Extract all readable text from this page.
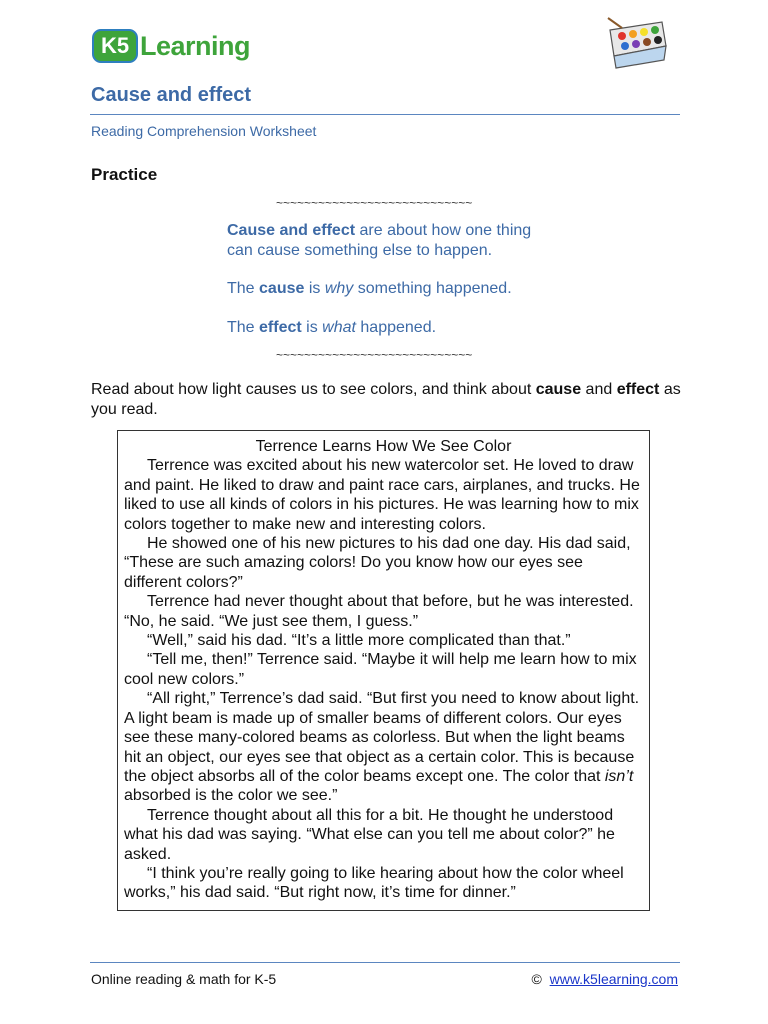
K5 Learning
Cause and effect
Reading Comprehension Worksheet
Practice
~~~~~~~~~~~~~~~~~~~~~~~~~~~~
Cause and effect are about how one thing
can cause something else to happen.
The cause is why something happened.
The effect is what happened.
~~~~~~~~~~~~~~~~~~~~~~~~~~~~
Read about how light causes us to see colors, and think about cause and effect as you read.
Terrence Learns How We See Color

Terrence was excited about his new watercolor set. He loved to draw and paint. He liked to draw and paint race cars, airplanes, and trucks. He liked to use all kinds of colors in his pictures. He was learning how to mix colors together to make new and interesting colors.

He showed one of his new pictures to his dad one day. His dad said, “These are such amazing colors! Do you know how our eyes see different colors?”

Terrence had never thought about that before, but he was interested. “No, he said. “We just see them, I guess.”

“Well,” said his dad. “It’s a little more complicated than that.”

“Tell me, then!” Terrence said. “Maybe it will help me learn how to mix cool new colors.”

“All right,” Terrence’s dad said. “But first you need to know about light. A light beam is made up of smaller beams of different colors. Our eyes see these many-colored beams as colorless. But when the light beams hit an object, our eyes see that object as a certain color. This is because the object absorbs all of the color beams except one. The color that isn’t absorbed is the color we see.”

Terrence thought about all this for a bit. He thought he understood what his dad was saying. “What else can you tell me about color?” he asked.

“I think you’re really going to like hearing about how the color wheel works,” his dad said. “But right now, it’s time for dinner.”

Online reading & math for K-5	© www.k5learning.com
